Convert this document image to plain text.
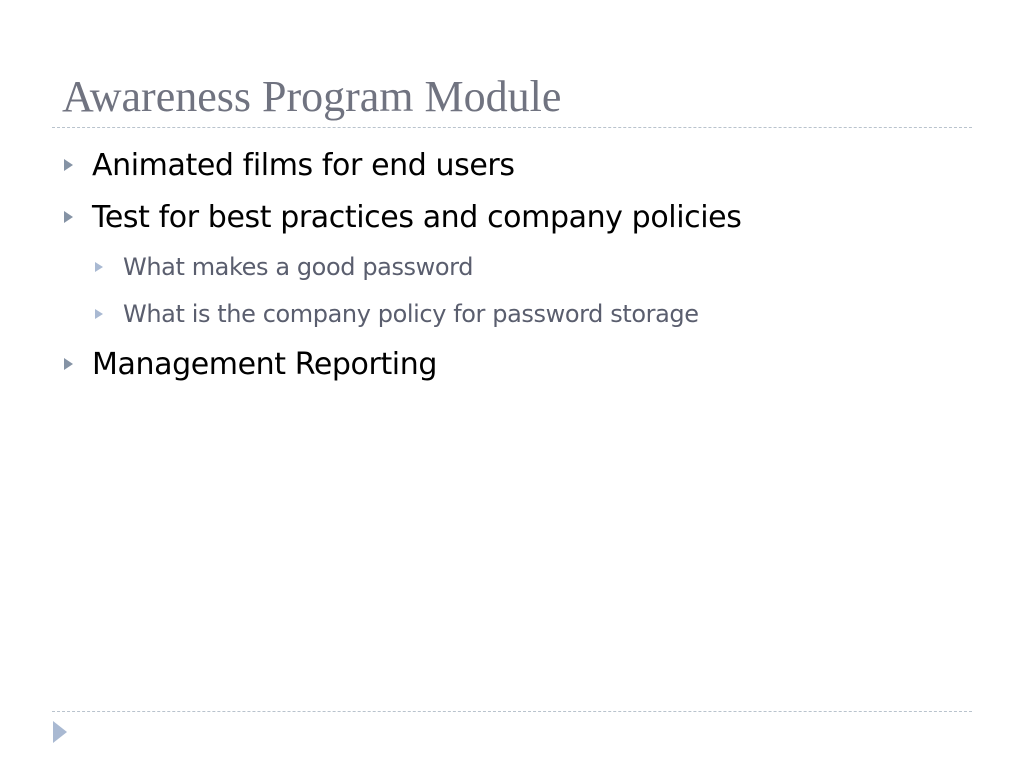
Awareness Program Module
Animated films for end users
Test for best practices and company policies
What makes a good password
What is the company policy for password storage
Management Reporting
